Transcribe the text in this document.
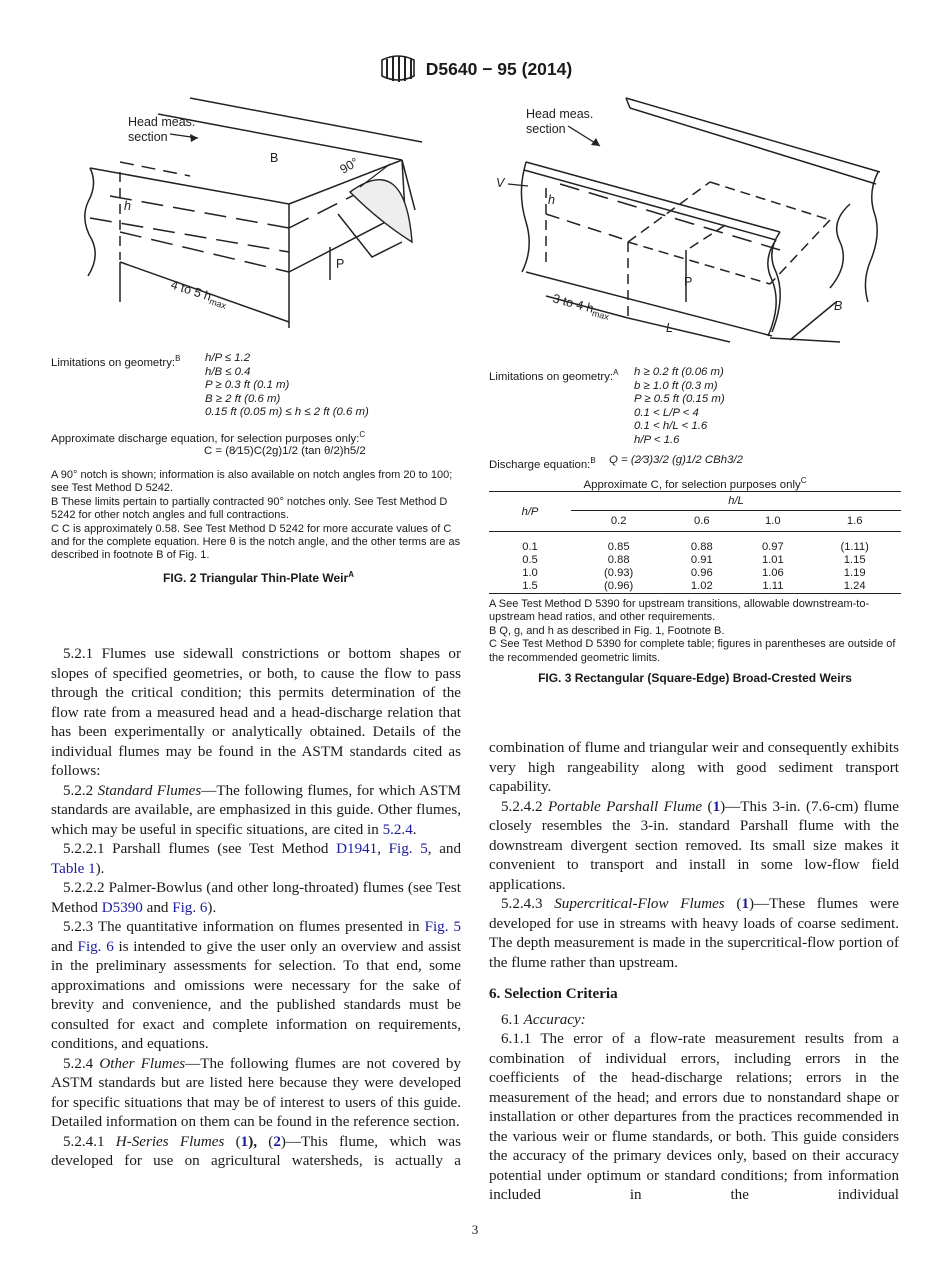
D5640 − 95 (2014)
Head meas.
section
B	90°
h
P
4 to 5 $h_{max}$
Limitations on geometry:$^B$ h/P ≤ 1.2
h/B ≤ 0.4
P ≥ 0.3 ft (0.1 m)
B ≥ 2 ft (0.6 m)
0.15 ft (0.05 m) ≤ h ≤ 2 ft (0.6 m)
Approximate discharge equation, for selection purposes only:$^C$
C = (8⁄15)C(2g)1/2 (tan θ/2)h5/2

A 90° notch is shown; information is also available on notch angles from 20 to 100; see Test Method D 5242.

B These limits pertain to partially contracted 90° notches only. See Test Method D 5242 for other notch angles and full contractions.

C C is approximately 0.58. See Test Method D 5242 for more accurate values of C and for the complete equation. Here θ is the notch angle, and the other terms are as described in footnote B of Fig. 1.

FIG. 2 Triangular Thin-Plate Weir$^A$
Head meas.
section
V
h
P
L
B
3 to 4 $h_{max}$
Limitations on geometry:$^A$ h ≥ 0.2 ft (0.06 m)
b ≥ 1.0 ft (0.3 m)
P ≥ 0.5 ft (0.15 m)
0.1 < L/P < 4
0.1 < h/L < 1.6
h/P < 1.6
Discharge equation:$^B$ Q = (2⁄3)3/2 (g)1/2 CBh3/2
Approximate C, for selection purposes only$^C$
h/P	h/L			
	0.2	0.6	1.0	1.6

0.1	0.85	0.88	0.97	(1.11)
0.5	0.88	0.91	1.01	1.15
1.0	(0.93)	0.96	1.06	1.19
1.5	(0.96)	1.02	1.11	1.24

A See Test Method D 5390 for upstream transitions, allowable downstream-to-upstream head ratios, and other requirements.

B Q, g, and h as described in Fig. 1, Footnote B.

C See Test Method D 5390 for complete table; figures in parentheses are outside of the recommended geometric limits.

FIG. 3 Rectangular (Square-Edge) Broad-Crested Weirs

5.2.1 Flumes use sidewall constrictions or bottom shapes or slopes of specified geometries, or both, to cause the flow to pass through the critical condition; this permits determination of the flow rate from a measured head and a head-discharge relation that has been experimentally or analytically obtained. Details of the individual flumes may be found in the ASTM standards cited as follows:

5.2.2 Standard Flumes—The following flumes, for which ASTM standards are available, are emphasized in this guide. Other flumes, which may be useful in specific situations, are cited in 5.2.4.

5.2.2.1 Parshall flumes (see Test Method D1941, Fig. 5, and Table 1).

5.2.2.2 Palmer-Bowlus (and other long-throated) flumes (see Test Method D5390 and Fig. 6).

5.2.3 The quantitative information on flumes presented in Fig. 5 and Fig. 6 is intended to give the user only an overview and assist in the preliminary assessments for selection. To that end, some approximations and omissions were necessary for the sake of brevity and convenience, and the published standards must be consulted for exact and complete information on requirements, conditions, and equations.

5.2.4 Other Flumes—The following flumes are not covered by ASTM standards but are listed here because they were developed for specific situations that may be of interest to users of this guide. Detailed information on them can be found in the reference section.

5.2.4.1 H-Series Flumes (1), (2)—This flume, which was developed for use on agricultural watersheds, is actually a

combination of flume and triangular weir and consequently exhibits very high rangeability along with good sediment transport capability.

5.2.4.2 Portable Parshall Flume (1)—This 3-in. (7.6-cm) flume closely resembles the 3-in. standard Parshall flume with the downstream divergent section removed. Its small size makes it convenient to transport and install in some low-flow field applications.

5.2.4.3 Supercritical-Flow Flumes (1)—These flumes were developed for use in streams with heavy loads of coarse sediment. The depth measurement is made in the supercritical-flow portion of the flume rather than upstream.

6. Selection Criteria

6.1 Accuracy:

6.1.1 The error of a flow-rate measurement results from a combination of individual errors, including errors in the coefficients of the head-discharge relations; errors in the measurement of the head; and errors due to nonstandard shape or installation or other departures from the practices recommended in the various weir or flume standards, or both. This guide considers the accuracy of the primary devices only, based on their accuracy potential under optimum or standard conditions; from information included in the individual

3
